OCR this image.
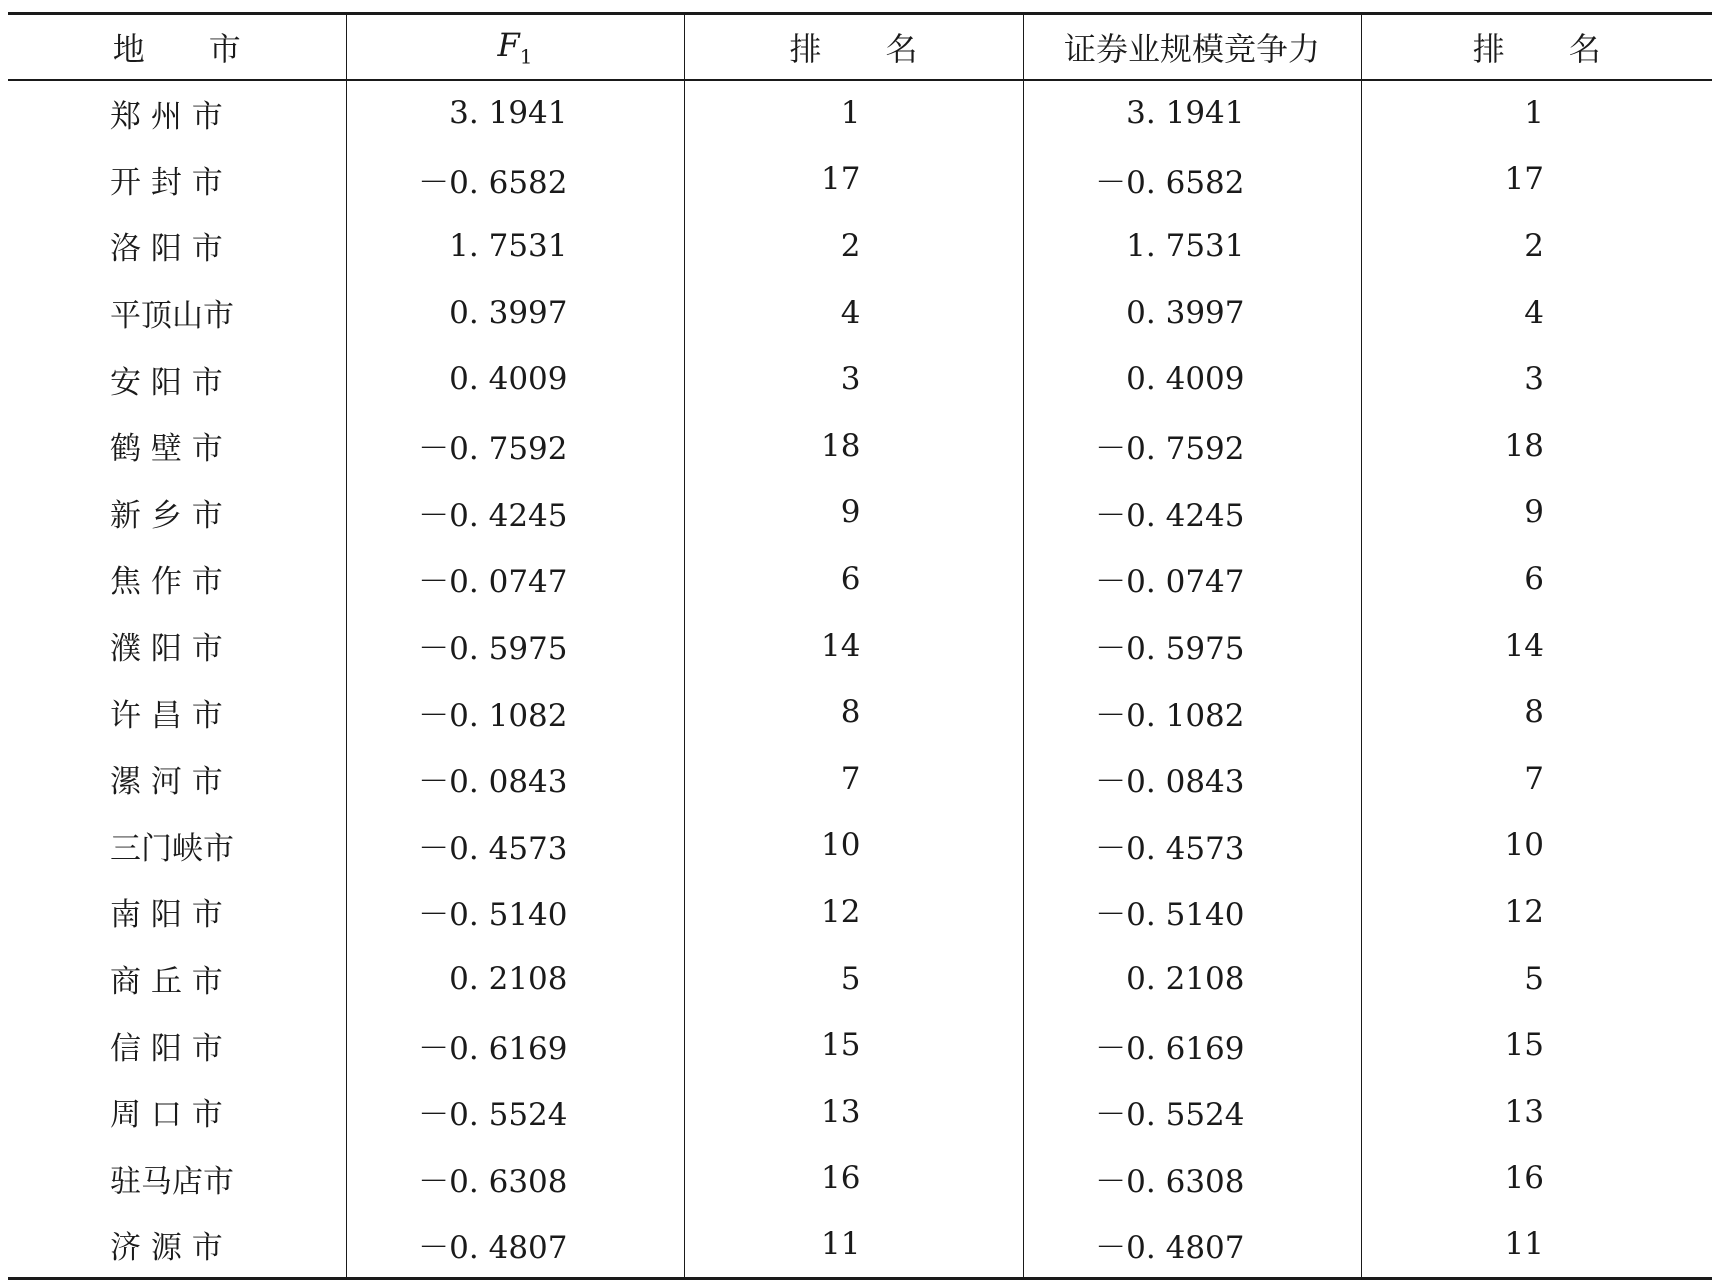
地　　市	$F_1$	排　　名	证券业规模竞争力	排　　名
郑 州 市	3. 1941	1	3. 1941	1
开 封 市	－0. 6582	17	－0. 6582	17
洛 阳 市	1. 7531	2	1. 7531	2
平顶山市	0. 3997	4	0. 3997	4
安 阳 市	0. 4009	3	0. 4009	3
鹤 壁 市	－0. 7592	18	－0. 7592	18
新 乡 市	－0. 4245	9	－0. 4245	9
焦 作 市	－0. 0747	6	－0. 0747	6
濮 阳 市	－0. 5975	14	－0. 5975	14
许 昌 市	－0. 1082	8	－0. 1082	8
漯 河 市	－0. 0843	7	－0. 0843	7
三门峡市	－0. 4573	10	－0. 4573	10
南 阳 市	－0. 5140	12	－0. 5140	12
商 丘 市	0. 2108	5	0. 2108	5
信 阳 市	－0. 6169	15	－0. 6169	15
周 口 市	－0. 5524	13	－0. 5524	13
驻马店市	－0. 6308	16	－0. 6308	16
济 源 市	－0. 4807	11	－0. 4807	11
